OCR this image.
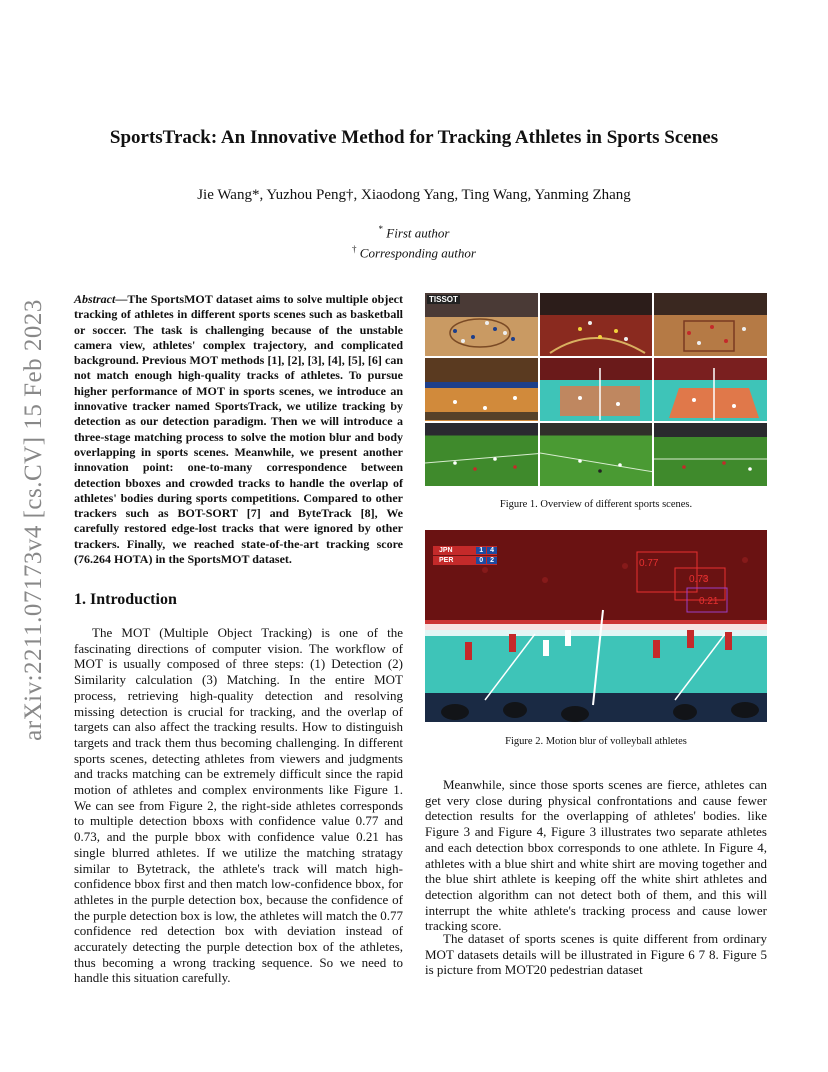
arXiv:2211.07173v4 [cs.CV] 15 Feb 2023
SportsTrack: An Innovative Method for Tracking Athletes in Sports Scenes
Jie Wang*, Yuzhou Peng†, Xiaodong Yang, Ting Wang, Yanming Zhang
* First author
† Corresponding author
Abstract—The SportsMOT dataset aims to solve multiple object tracking of athletes in different sports scenes such as basketball or soccer. The task is challenging because of the unstable camera view, athletes' complex trajectory, and complicated background. Previous MOT methods [1], [2], [3], [4], [5], [6] can not match enough high-quality tracks of athletes. To pursue higher performance of MOT in sports scenes, we introduce an innovative tracker named SportsTrack, we utilize tracking by detection as our detection paradigm. Then we will introduce a three-stage matching process to solve the motion blur and body overlapping in sports scenes. Meanwhile, we present another innovation point: one-to-many correspondence between detection bboxes and crowded tracks to handle the overlap of athletes' bodies during sports competitions. Compared to other trackers such as BOT-SORT [7] and ByteTrack [8], We carefully restored edge-lost tracks that were ignored by other trackers. Finally, we reached state-of-the-art tracking score (76.264 HOTA) in the SportsMOT dataset.
1. Introduction
The MOT (Multiple Object Tracking) is one of the fascinating directions of computer vision. The workflow of MOT is usually composed of three steps: (1) Detection (2) Similarity calculation (3) Matching. In the entire MOT process, retrieving high-quality detection and resolving missing detection is crucial for tracking, and the overlap of targets can also affect the tracking results. How to distinguish targets and track them thus becoming challenging. In different sports scenes, detecting athletes from viewers and judgments and tracks matching can be extremely difficult since the rapid motion of athletes and complex environments like Figure 1. We can see from Figure 2, the right-side athletes corresponds to multiple detection bboxs with confidence value 0.77 and 0.73, and the purple bbox with confidence value 0.21 has single blurred athletes. If we utilize the matching stratagy similar to Bytetrack, the athlete's track will match high-confidence bbox first and then match low-confidence bbox, for athletes in the purple detection box, because the confidence of the purple detection box is low, the athletes will match the 0.77 confidence red detection box with deviation instead of accurately detecting the purple detection box of the athletes, thus becoming a wrong tracking sequence. So we need to handle this situation carefully.
TISSOT
Figure 1. Overview of different sports scenes.
JPN	1	4
PER	0	2	0.77
0.73
0.21
Figure 2. Motion blur of volleyball athletes
Meanwhile, since those sports scenes are fierce, athletes can get very close during physical confrontations and cause fewer detection results for the overlapping of athletes' bodies. like Figure 3 and Figure 4, Figure 3 illustrates two separate athletes and each detection bbox corresponds to one athlete. In Figure 4, athletes with a blue shirt and white shirt are moving together and the blue shirt athlete is keeping off the white shirt athletes and detection algorithm can not detect both of them, and this will interrupt the white athlete's tracking process and cause lower tracking score.
The dataset of sports scenes is quite different from ordinary MOT datasets details will be illustrated in Figure 6 7 8. Figure 5 is picture from MOT20 pedestrian dataset
